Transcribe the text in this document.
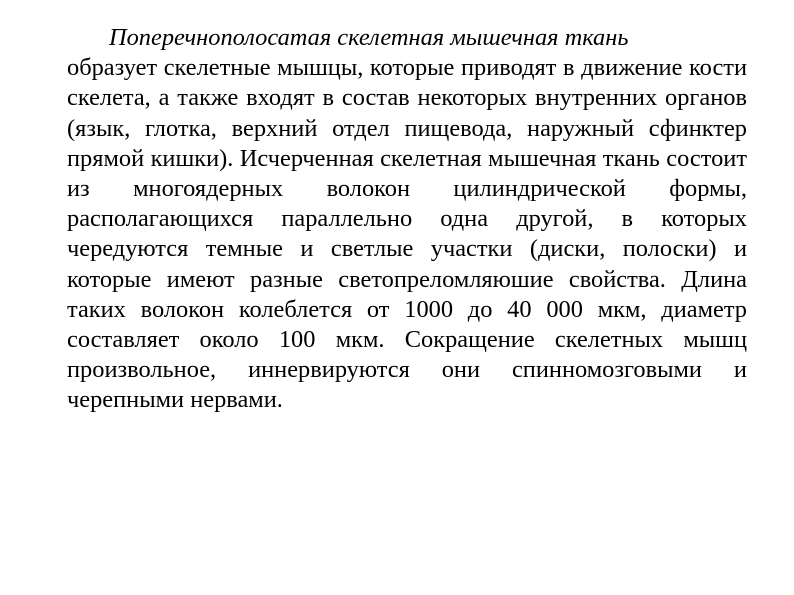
Поперечнополосатая скелетная мышечная ткань
образует скелетные мышцы, которые приводят в движение кости скелета, а также входят в состав некоторых внутренних органов (язык, глотка, верхний отдел пищевода, наружный сфинктер прямой кишки). Исчерченная скелетная мышечная ткань состоит из многоядерных волокон цилиндрической формы, располагающихся параллельно одна другой, в которых чередуются темные и светлые участки (диски, полоски) и которые имеют разные светопреломляюшие свойства. Длина таких волокон колеблется от 1000 до 40 000 мкм, диаметр составляет около 100 мкм. Сокращение скелетных мышц произвольное, иннервируются они спинномозговыми и черепными нервами.
